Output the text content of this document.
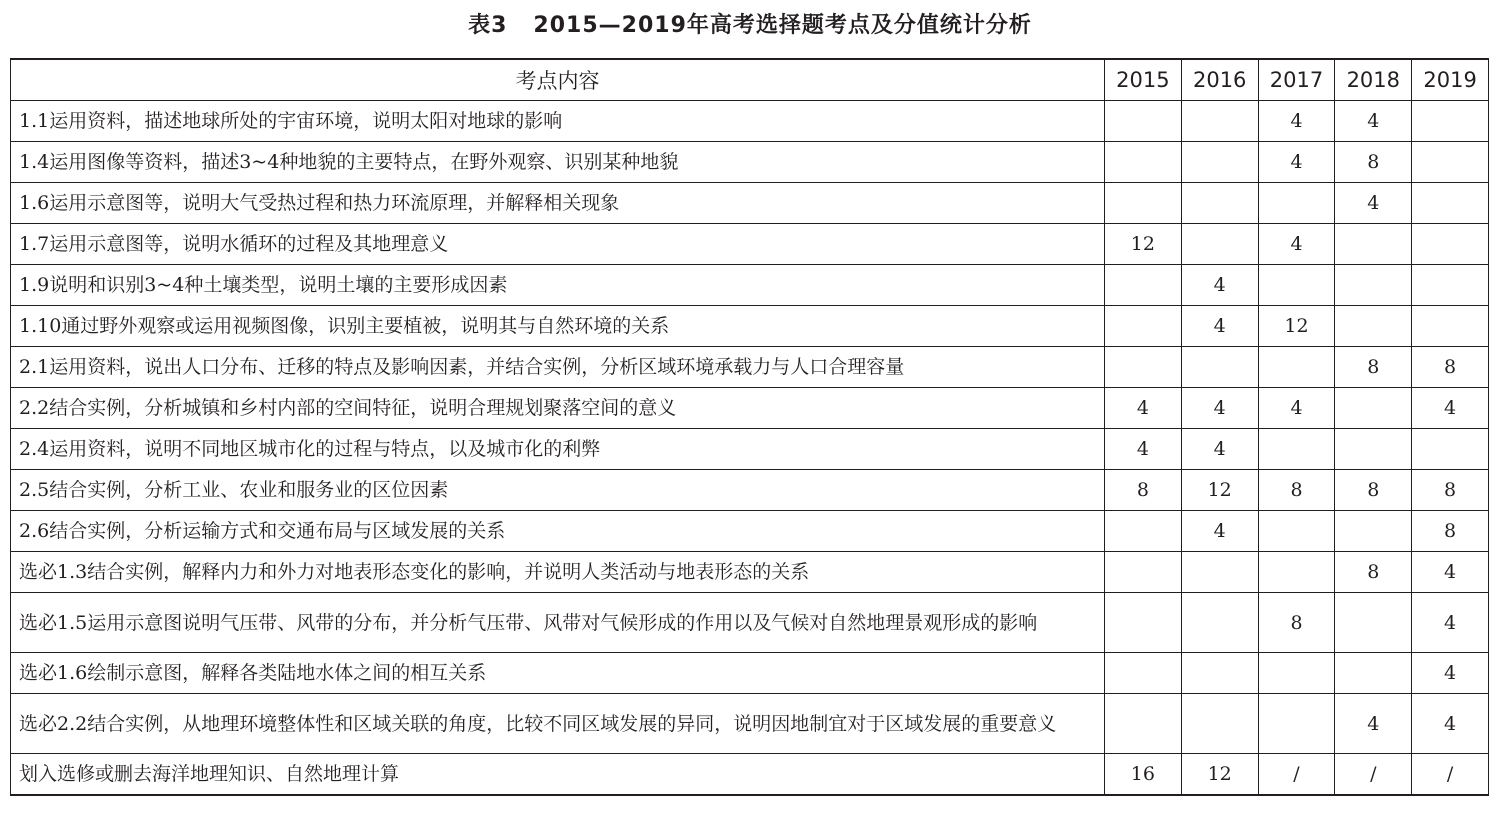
表3   2015—2019年高考选择题考点及分值统计分析
考点内容	2015	2016	2017	2018	2019
1.1运用资料，描述地球所处的宇宙环境，说明太阳对地球的影响			4	4	
1.4运用图像等资料，描述3~4种地貌的主要特点，在野外观察、识别某种地貌			4	8	
1.6运用示意图等，说明大气受热过程和热力环流原理，并解释相关现象				4	
1.7运用示意图等，说明水循环的过程及其地理意义	12		4		
1.9说明和识别3~4种土壤类型，说明土壤的主要形成因素		4			
1.10通过野外观察或运用视频图像，识别主要植被，说明其与自然环境的关系		4	12		
2.1运用资料，说出人口分布、迁移的特点及影响因素，并结合实例，分析区域环境承载力与人口合理容量				8	8
2.2结合实例，分析城镇和乡村内部的空间特征，说明合理规划聚落空间的意义	4	4	4		4
2.4运用资料，说明不同地区城市化的过程与特点，以及城市化的利弊	4	4			
2.5结合实例，分析工业、农业和服务业的区位因素	8	12	8	8	8
2.6结合实例，分析运输方式和交通布局与区域发展的关系		4			8
选必1.3结合实例，解释内力和外力对地表形态变化的影响，并说明人类活动与地表形态的关系				8	4
选必1.5运用示意图说明气压带、风带的分布，并分析气压带、风带对气候形成的作用以及气候对自然地理景观形成的影响			8		4
选必1.6绘制示意图，解释各类陆地水体之间的相互关系					4
选必2.2结合实例，从地理环境整体性和区域关联的角度，比较不同区域发展的异同，说明因地制宜对于区域发展的重要意义				4	4
划入选修或删去海洋地理知识、自然地理计算	16	12	/	/	/
